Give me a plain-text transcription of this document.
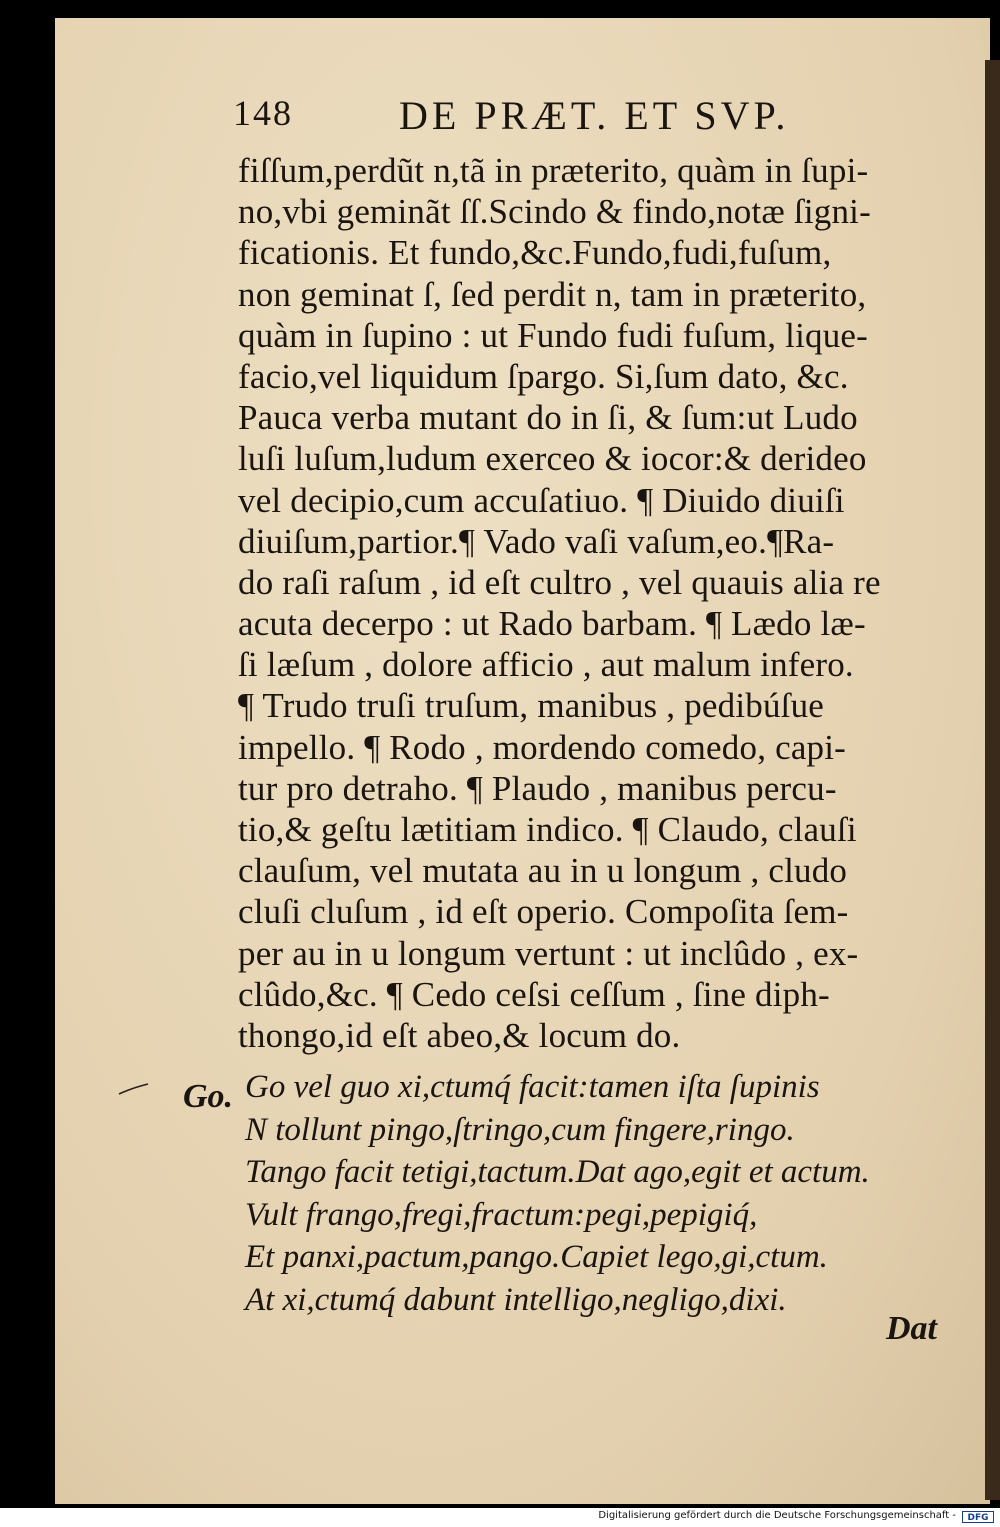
148	DE PRÆT. ET SVP.
fiſſum,perdũt n,tã in præterito, quàm in ſupi-
no,vbi geminãt ſſ.Scindo & findo,notæ ſigni-
ficationis. Et fundo,&c.Fundo,fudi,fuſum,
non geminat ſ, ſed perdit n, tam in præterito,
quàm in ſupino : ut Fundo fudi fuſum, lique-
facio,vel liquidum ſpargo. Si,ſum dato, &c.
Pauca verba mutant do in ſi, & ſum:ut Ludo
luſi luſum,ludum exerceo & iocor:& derideo
vel decipio,cum accuſatiuo. ¶ Diuido diuiſi
diuiſum,partior.¶ Vado vaſi vaſum,eo.¶Ra-
do raſi raſum , id eſt cultro , vel quauis alia re
acuta decerpo : ut Rado barbam. ¶ Lædo læ-
ſi læſum , dolore afficio , aut malum infero.
¶ Trudo truſi truſum, manibus , pedibúſue
impello. ¶ Rodo , mordendo comedo, capi-
tur pro detraho. ¶ Plaudo , manibus percu-
tio,& geſtu lætitiam indico. ¶ Claudo, clauſi
clauſum, vel mutata au in u longum , cludo
cluſi cluſum , id eſt operio. Compoſita ſem-
per au in u longum vertunt : ut inclûdo , ex-
clûdo,&c. ¶ Cedo ceſsi ceſſum , ſine diph-
thongo,id eſt abeo,& locum do.
Go. Go vel guo xi,ctumq́ facit:tamen iſta ſupinis
N tollunt pingo,ſtringo,cum fingere,ringo.
Tango facit tetigi,tactum.Dat ago,egit et actum.
Vult frango,fregi,fractum:pegi,pepigiq́,
Et panxi,pactum,pango.Capiet lego,gi,ctum.
At xi,ctumq́ dabunt intelligo,negligo,dixi.
Dat
Digitalisierung gefördert durch die Deutsche Forschungsgemeinschaft -	DFG
